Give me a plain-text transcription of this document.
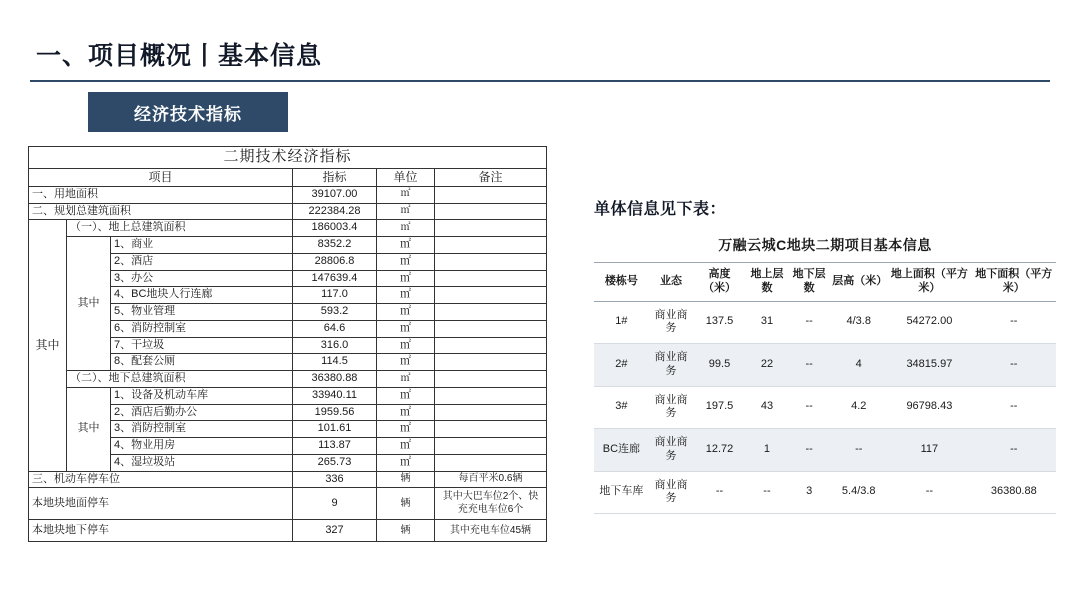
一、项目概况丨基本信息
经济技术指标
二期技术经济指标					
项目			指标	单位	备注
一、用地面积			39107.00	㎡	
二、规划总建筑面积			222384.28	㎡	
其中	（一）、地上总建筑面积		186003.4	㎡	
	其中	1、商业	8352.2	㎡	
		2、酒店	28806.8	㎡	
		3、办公	147639.4	㎡	
		4、BC地块人行连廊	117.0	㎡	
		5、物业管理	593.2	㎡	
		6、消防控制室	64.6	㎡	
		7、干垃圾	316.0	㎡	
		8、配套公厕	114.5	㎡	
	（二）、地下总建筑面积		36380.88	㎡	
	其中	1、设备及机动车库	33940.11	㎡	
		2、酒店后勤办公	1959.56	㎡	
		3、消防控制室	101.61	㎡	
		4、物业用房	113.87	㎡	
		4、湿垃圾站	265.73	㎡	
三、机动车停车位			336	辆	每百平米0.6辆
本地块地面停车			9	辆	其中大巴车位2个、快充充电车位6个
本地块地下停车			327	辆	其中充电车位45辆
单体信息见下表：
万融云城C地块二期项目基本信息
楼栋号	业态	高度（米）	地上层数	地下层数	层高（米）	地上面积（平方米）	地下面积（平方米）
1#	商业商务	137.5	31	--	4/3.8	54272.00	--
2#	商业商务	99.5	22	--	4	34815.97	--
3#	商业商务	197.5	43	--	4.2	96798.43	--
BC连廊	商业商务	12.72	1	--	--	117	--
地下车库	商业商务	--	--	3	5.4/3.8	--	36380.88
